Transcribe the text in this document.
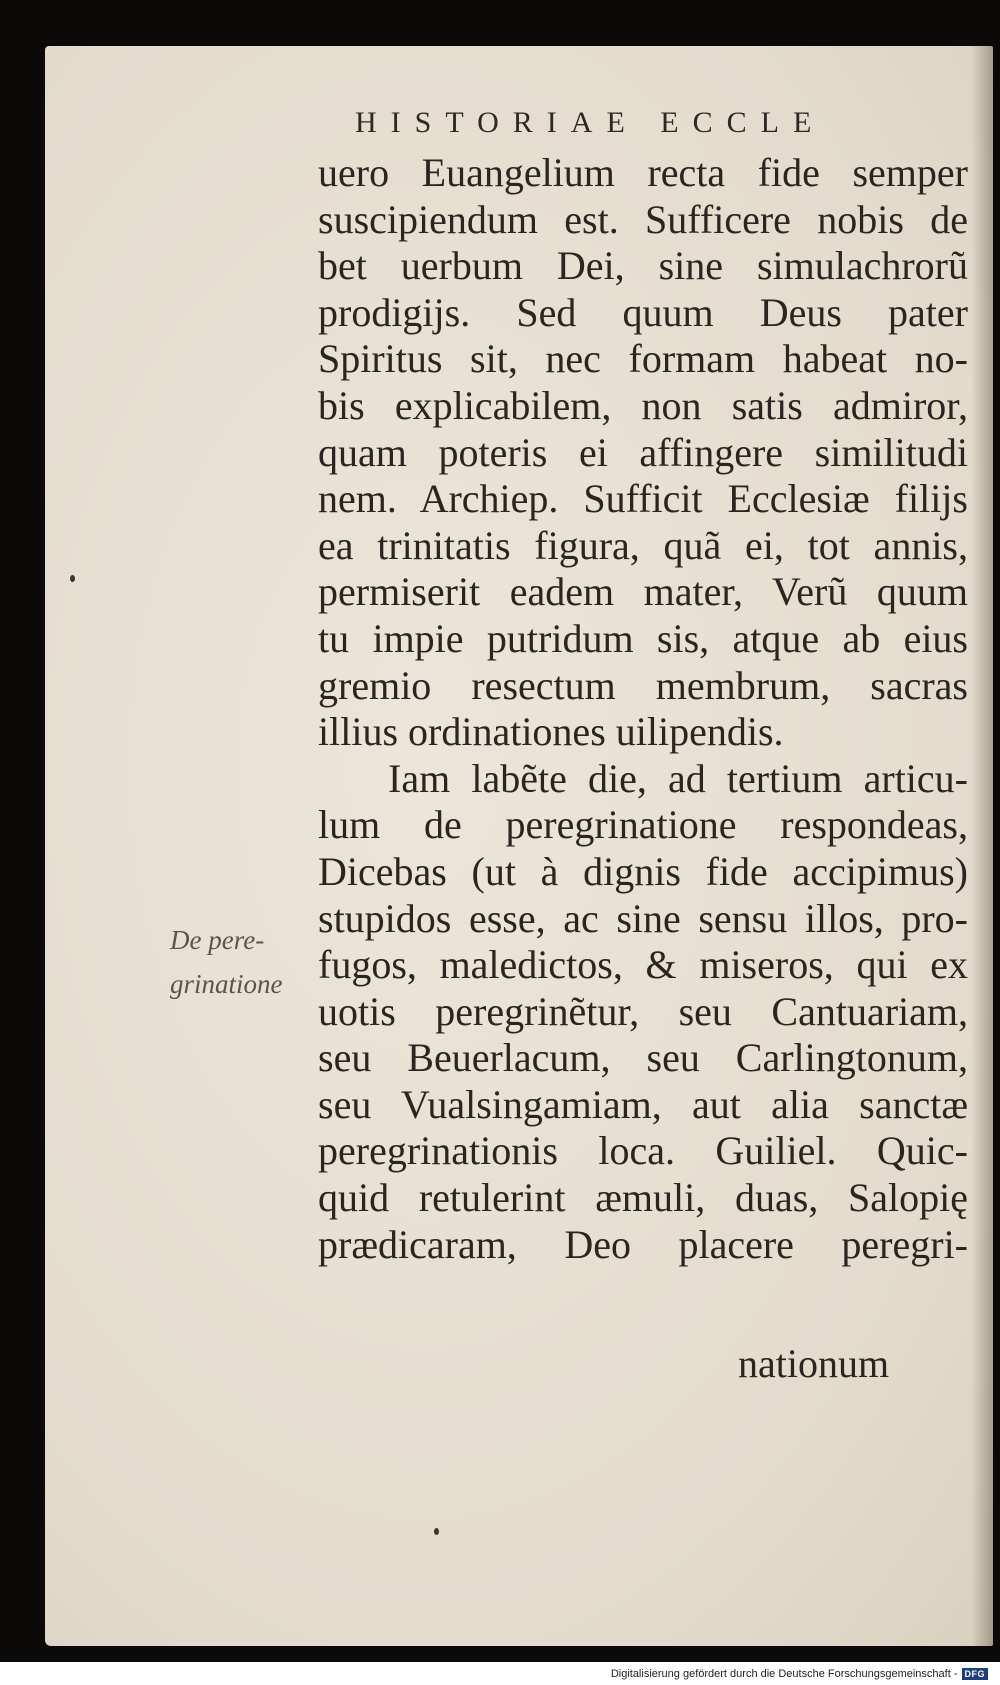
HISTORIAE ECCLE
uero Euangelium recta fide semper
suscipiendum est. Sufficere nobis de
bet uerbum Dei, sine simulachrorũ
prodigijs. Sed quum Deus pater
Spiritus sit, nec formam habeat no-
bis explicabilem, non satis admiror,
quam poteris ei affingere similitudi
nem. Archiep. Sufficit Ecclesiæ filijs
ea trinitatis figura, quã ei, tot annis,
permiserit eadem mater, Verũ quum
tu impie putridum sis, atque ab eius
gremio resectum membrum, sacras
illius ordinationes uilipendis.
Iam labẽte die, ad tertium articu-
lum de peregrinatione respondeas,
Dicebas (ut à dignis fide accipimus)
stupidos esse, ac sine sensu illos, pro-
fugos, maledictos, & miseros, qui ex
uotis peregrinẽtur, seu Cantuariam,
seu Beuerlacum, seu Carlingtonum,
seu Vualsingamiam, aut alia sanctæ
peregrinationis loca. Guiliel. Quic-
quid retulerint æmuli, duas, Salopię
prædicaram, Deo placere peregri-
nationum
De pere-
grinatione
Digitalisierung gefördert durch die Deutsche Forschungsgemeinschaft - DFG
